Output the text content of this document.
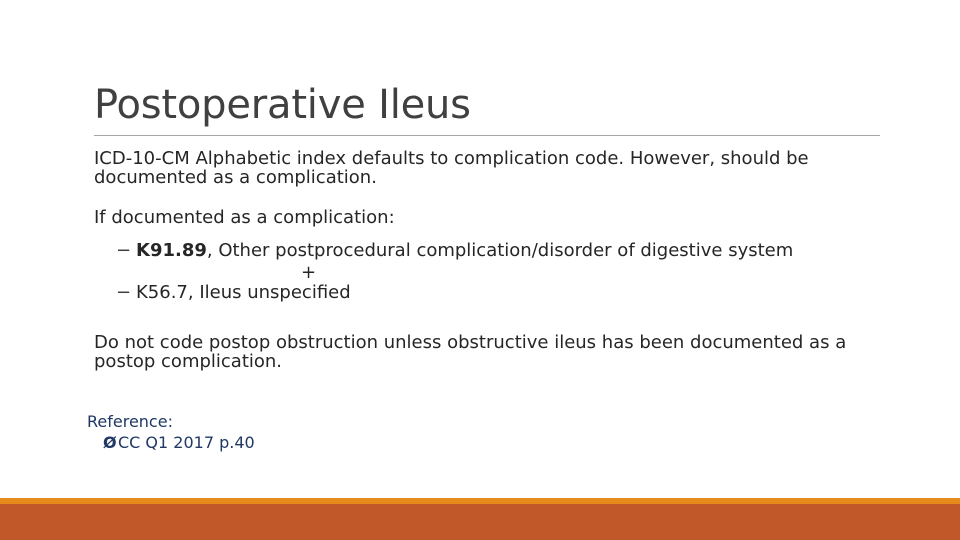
Postoperative Ileus

ICD-10-CM Alphabetic index defaults to complication code. However, should be documented as a complication.

If documented as a complication:

− K91.89, Other postprocedural complication/disorder of digestive system
+
− K56.7, Ileus unspecified

Do not code postop obstruction unless obstructive ileus has been documented as a postop complication.

Reference:
ØCC Q1 2017 p.40
